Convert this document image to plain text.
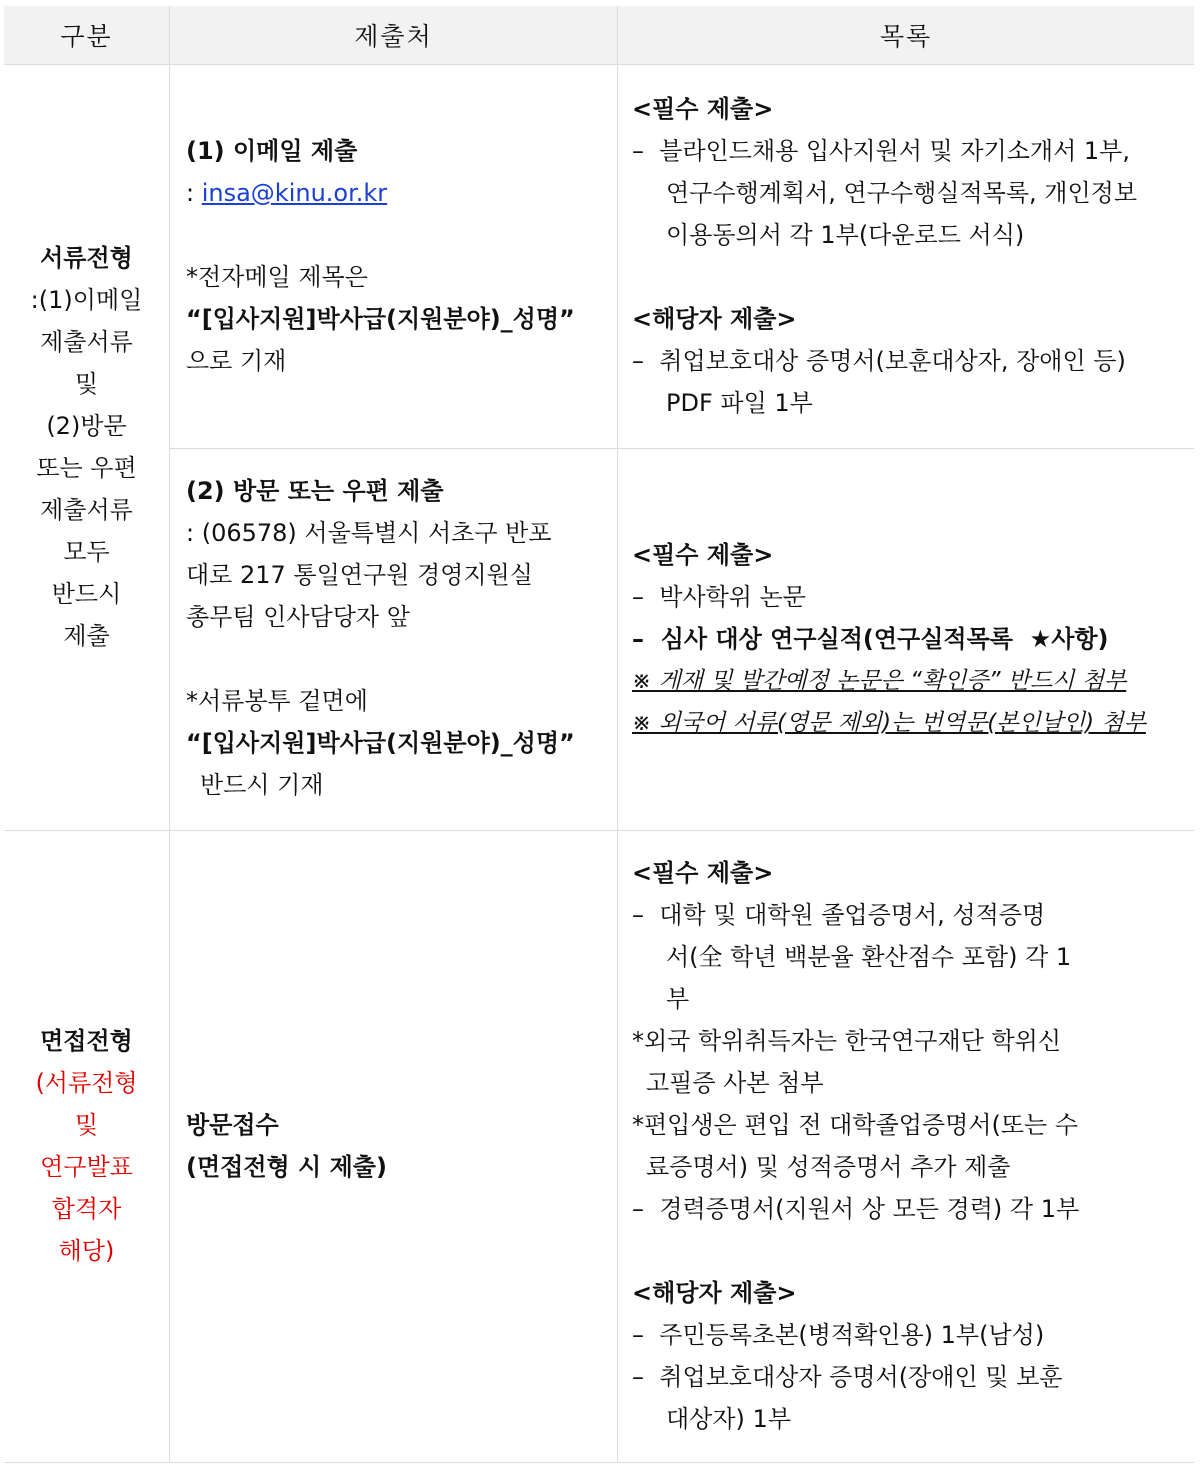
구분	제출처	목록
서류전형
:(1)이메일
제출서류
및
(2)방문
또는 우편
제출서류
모두
반드시
제출
(1) 이메일 제출
: insa@kinu.or.kr
*전자메일 제목은
“[입사지원]박사급(지원분야)_성명”
으로 기재
<필수 제출>
–  블라인드채용 입사지원서 및 자기소개서 1부,
연구수행계획서, 연구수행실적목록, 개인정보
이용동의서 각 1부(다운로드 서식)
<해당자 제출>
–  취업보호대상 증명서(보훈대상자, 장애인 등)
PDF 파일 1부
(2) 방문 또는 우편 제출
: (06578) 서울특별시 서초구 반포
대로 217 통일연구원 경영지원실
총무팀 인사담당자 앞
*서류봉투 겉면에
“[입사지원]박사급(지원분야)_성명”
반드시 기재
<필수 제출>
–  박사학위 논문
–  심사 대상 연구실적(연구실적목록  ★사항)
※ 게재 및 발간예정 논문은 “확인증” 반드시 첨부
※ 외국어 서류(영문 제외)는 번역문(본인날인) 첨부
면접전형
(서류전형
및
연구발표
합격자
해당)
방문접수
(면접전형 시 제출)
<필수 제출>
–  대학 및 대학원 졸업증명서, 성적증명
서(全 학년 백분율 환산점수 포함) 각 1
부
*외국 학위취득자는 한국연구재단 학위신
고필증 사본 첨부
*편입생은 편입 전 대학졸업증명서(또는 수
료증명서) 및 성적증명서 추가 제출
–  경력증명서(지원서 상 모든 경력) 각 1부
<해당자 제출>
–  주민등록초본(병적확인용) 1부(남성)
–  취업보호대상자 증명서(장애인 및 보훈
대상자) 1부
